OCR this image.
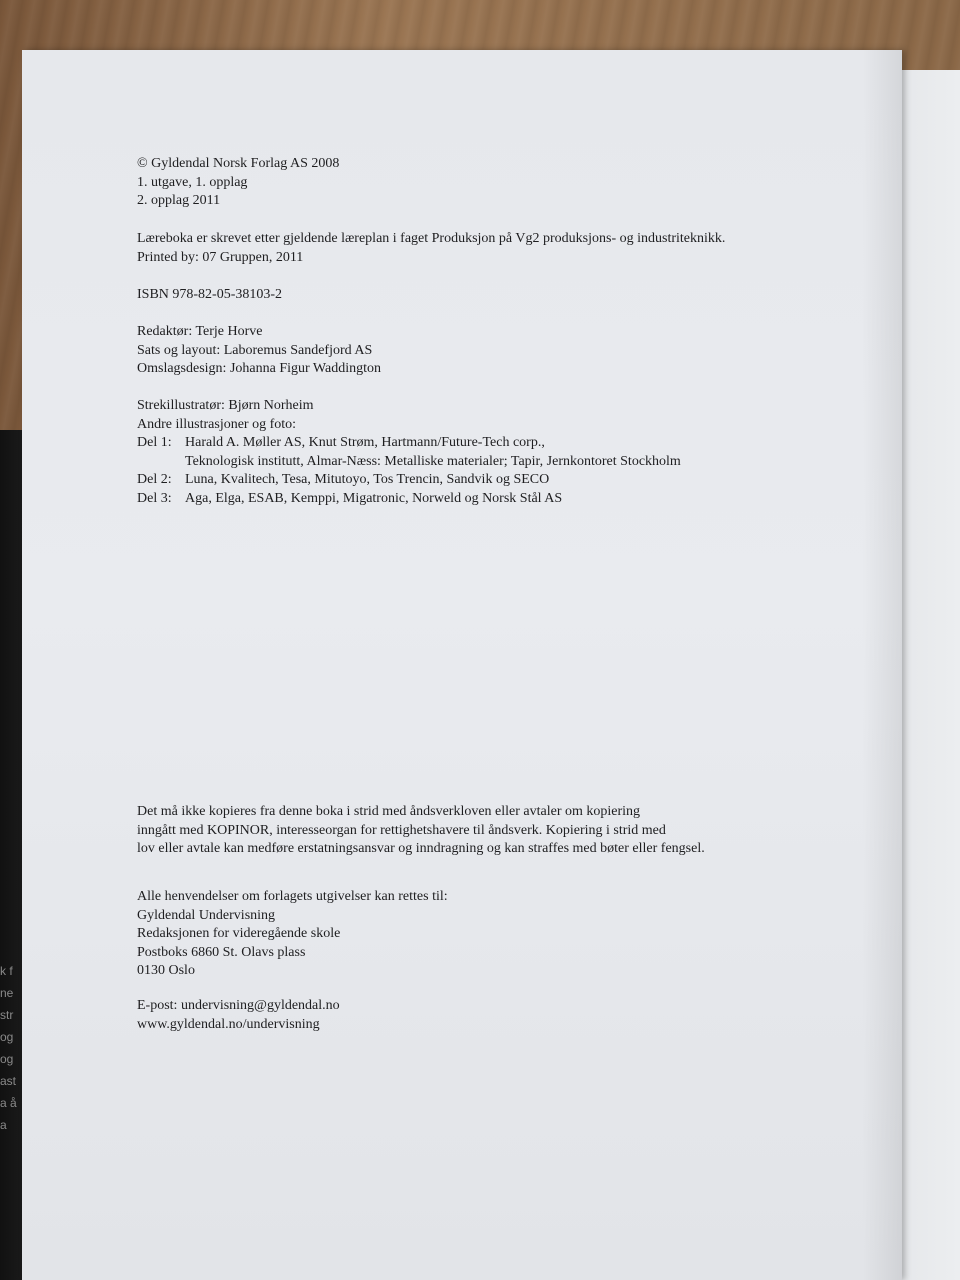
k f
ne
str
og
og
ast
a å
a
© Gyldendal Norsk Forlag AS 2008
1. utgave, 1. opplag
2. opplag 2011
Læreboka er skrevet etter gjeldende læreplan i faget Produksjon på Vg2 produksjons- og industriteknikk.
Printed by: 07 Gruppen, 2011
ISBN 978-82-05-38103-2
Redaktør: Terje Horve
Sats og layout: Laboremus Sandefjord AS
Omslagsdesign: Johanna Figur Waddington
Strekillustratør: Bjørn Norheim
Andre illustrasjoner og foto:
Del 1: Harald A. Møller AS, Knut Strøm, Hartmann/Future-Tech corp.,
Teknologisk institutt, Almar-Næss: Metalliske materialer; Tapir, Jernkontoret Stockholm
Del 2: Luna, Kvalitech, Tesa, Mitutoyo, Tos Trencin, Sandvik og SECO
Del 3: Aga, Elga, ESAB, Kemppi, Migatronic, Norweld og Norsk Stål AS
Det må ikke kopieres fra denne boka i strid med åndsverkloven eller avtaler om kopiering
inngått med KOPINOR, interesseorgan for rettighetshavere til åndsverk. Kopiering i strid med
lov eller avtale kan medføre erstatningsansvar og inndragning og kan straffes med bøter eller fengsel.
Alle henvendelser om forlagets utgivelser kan rettes til:
Gyldendal Undervisning
Redaksjonen for videregående skole
Postboks 6860 St. Olavs plass
0130 Oslo
E-post: undervisning@gyldendal.no
www.gyldendal.no/undervisning
